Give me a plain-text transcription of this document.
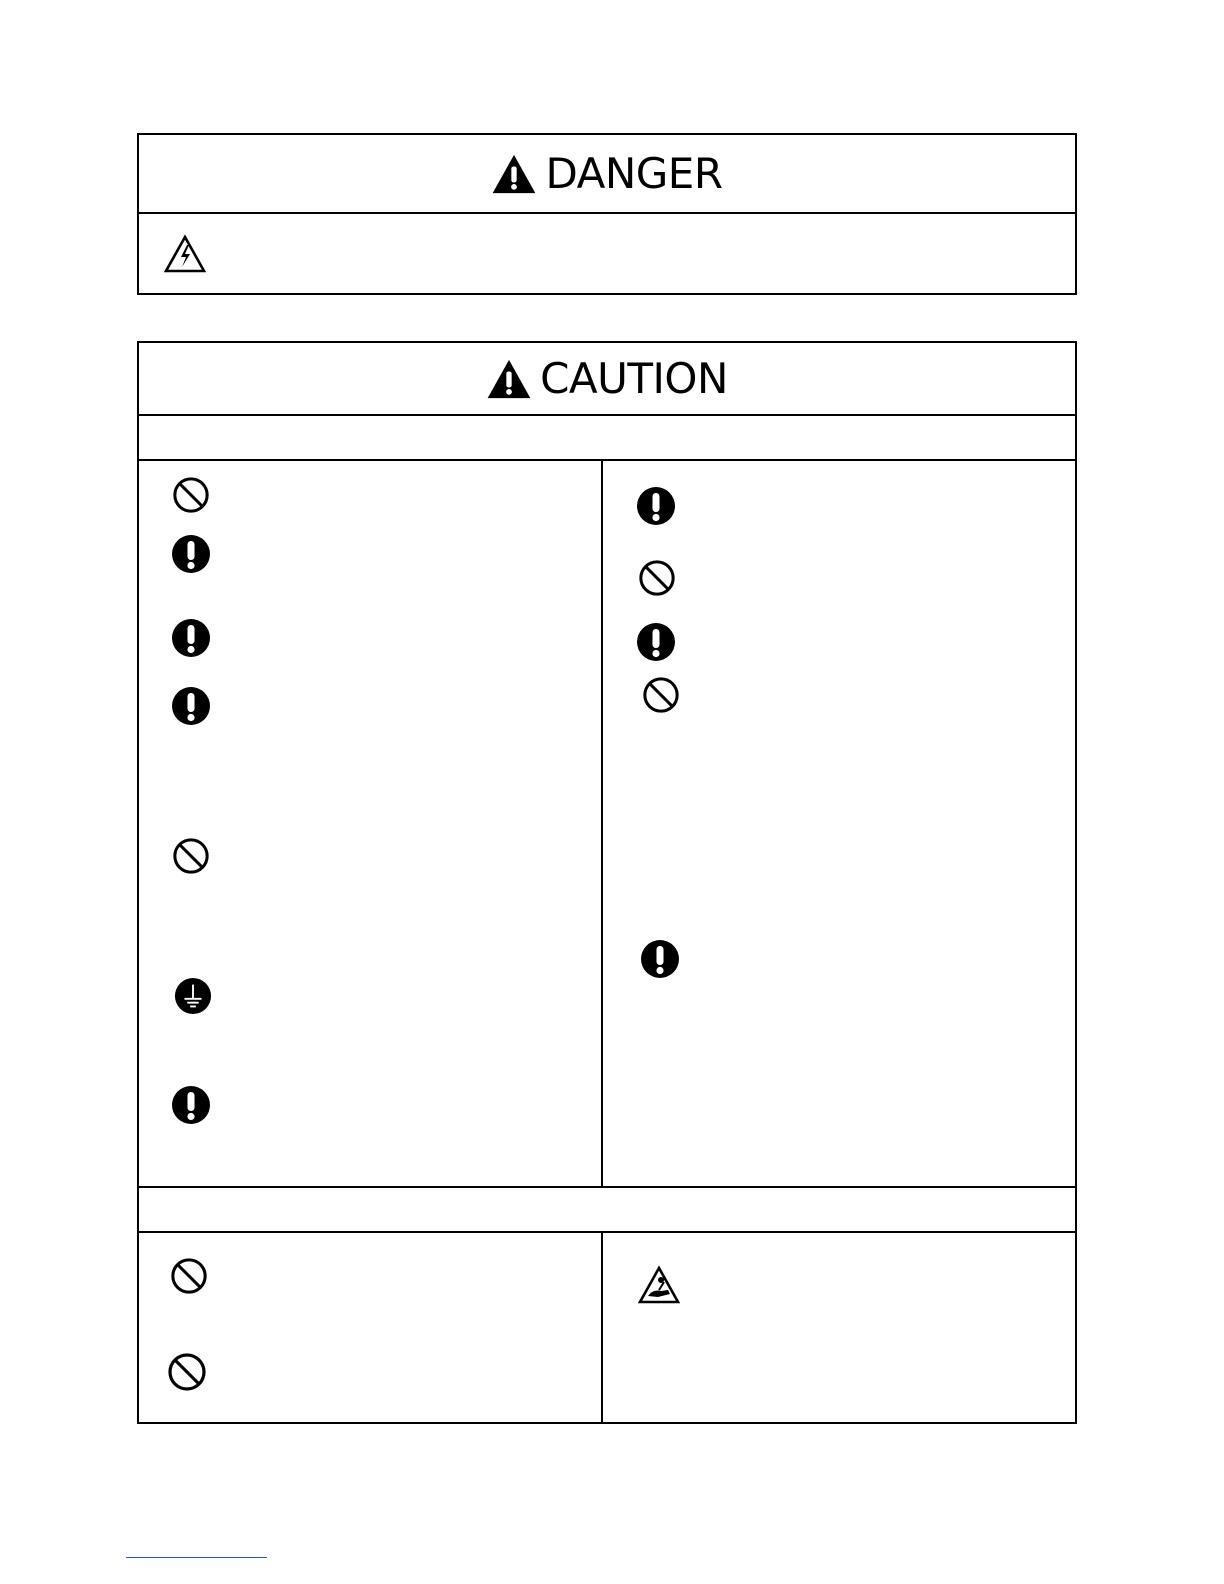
DANGER
CAUTION
